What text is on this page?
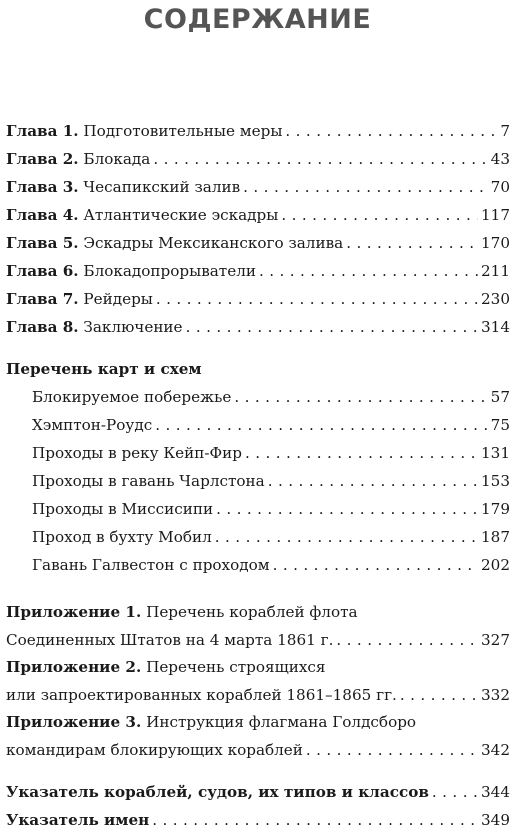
СОДЕРЖАНИЕ
Глава 1. Подготовительные меры . . .	7
Глава 2. Блокада . . .	43
Глава 3. Чесапикский залив . . .	70
Глава 4. Атлантические эскадры . . .	117
Глава 5. Эскадры Мексиканского залива . . .	170
Глава 6. Блокадопрорыватели . . .	211
Глава 7. Рейдеры . . .	230
Глава 8. Заключение . . .	314
Перечень карт и схем
Блокируемое побережье . . .	57
Хэмптон-Роудс . . .	75
Проходы в реку Кейп-Фир . . .	131
Проходы в гавань Чарлстона . . .	153
Проходы в Миссисипи . . .	179
Проход в бухту Мобил . . .	187
Гавань Галвестон с проходом . . .	202
Приложение 1. Перечень кораблей флота
Соединенных Штатов на 4 марта 1861 г. . . .	327
Приложение 2. Перечень строящихся
или запроектированных кораблей 1861–1865 гг. . . .	332
Приложение 3. Инструкция флагмана Голдсборо
командирам блокирующих кораблей . . .	342
Указатель кораблей, судов, их типов и классов . . .	344
Указатель имен . . .	349
